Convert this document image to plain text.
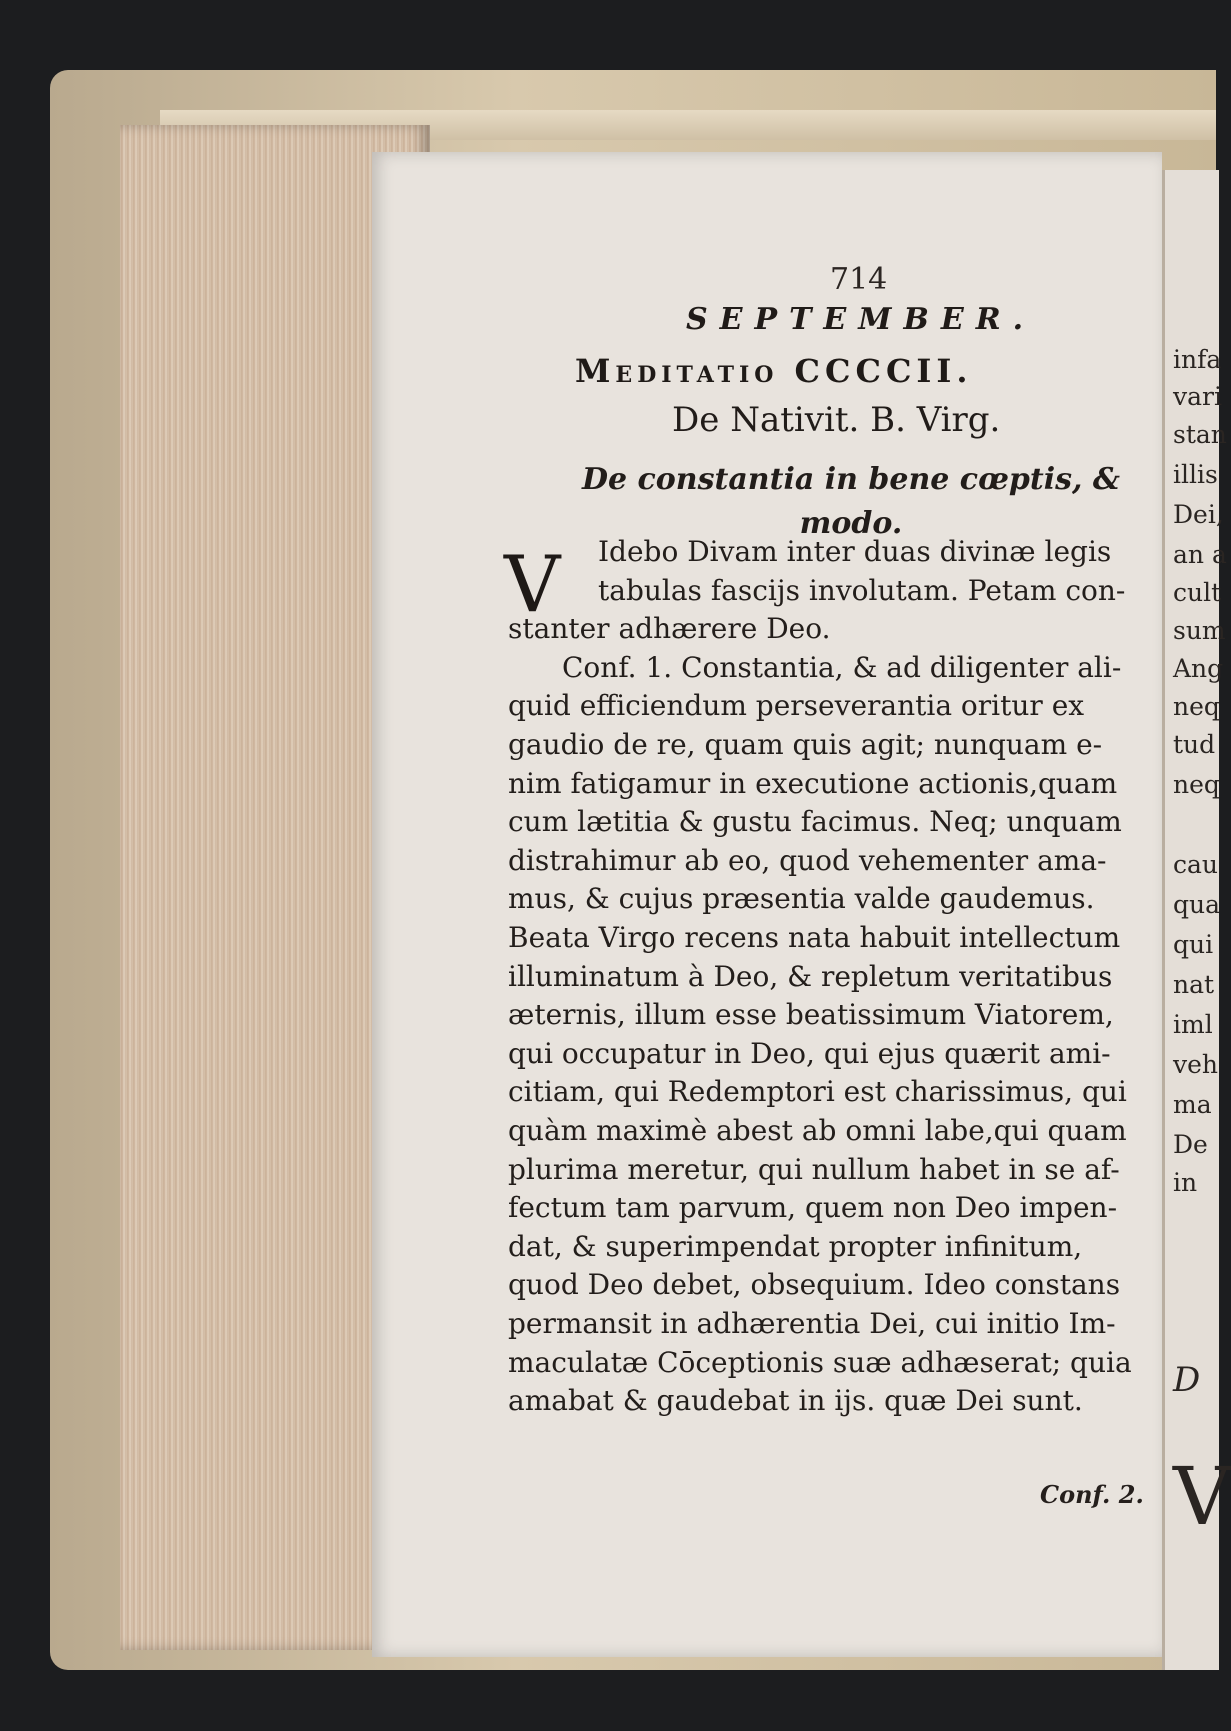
infa
vari
stan
illis
Dei,
an a
cult
sum
Ang
neq
tud
neq
cau
qua
qui
nat
iml
veh
ma
De
in
D
V
714
SEPTEMBER.
Meditatio CCCCII.
De Nativit. B. Virg.
De constantia in bene cœptis, & modo.
V Idebo Divam inter duas divinæ legis
tabulas fascijs involutam. Petam con-
stanter adhærere Deo.
Conf. 1. Constantia, & ad diligenter ali-
quid efficiendum perseverantia oritur ex
gaudio de re, quam quis agit; nunquam e-
nim fatigamur in executione actionis,quam
cum lætitia & gustu facimus. Neq; unquam
distrahimur ab eo, quod vehementer ama-
mus, & cujus præsentia valde gaudemus.
Beata Virgo recens nata habuit intellectum
illuminatum à Deo, & repletum veritatibus
æternis, illum esse beatissimum Viatorem,
qui occupatur in Deo, qui ejus quærit ami-
citiam, qui Redemptori est charissimus, qui
quàm maximè abest ab omni labe,qui quam
plurima meretur, qui nullum habet in se af-
fectum tam parvum, quem non Deo impen-
dat, & superimpendat propter infinitum,
quod Deo debet, obsequium. Ideo constans
permansit in adhærentia Dei, cui initio Im-
maculatæ Cōceptionis suæ adhæserat; quia
amabat & gaudebat in ijs. quæ Dei sunt.
Conf. 2.
